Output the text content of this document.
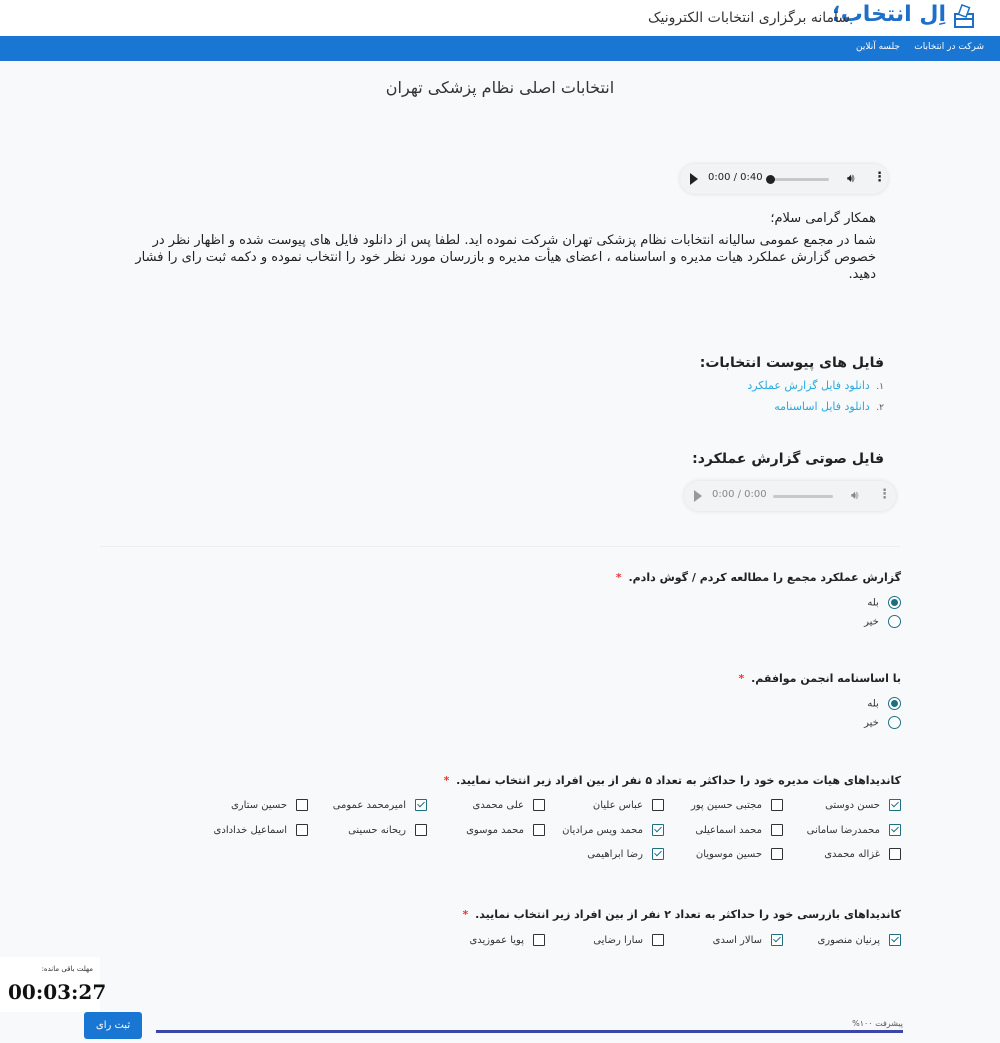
اِل انتخاب؛
سامانه برگزاری انتخابات الکترونیک
شرکت در انتخابات
جلسه آنلاین
انتخابات اصلی نظام پزشکی تهران
0:00 / 0:40	🔊︎ ⋮
همکار گرامی سلام؛

شما در مجمع عمومی سالیانه انتخابات نظام پزشکی تهران شرکت نموده اید. لطفا پس از دانلود فایل های پیوست شده و اظهار نظر در خصوص گزارش عملکرد هیات مدیره و اساسنامه ، اعضای هیأت مدیره و بازرسان مورد نظر خود را انتخاب نموده و دکمه ثبت رای را فشار دهید.

فایل های پیوست انتخابات:
۱. دانلود فایل گزارش عملکرد
۲. دانلود فایل اساسنامه
فایل صوتی گزارش عملکرد:
0:00 / 0:00	🔊︎ ⋮
گزارش عملکرد مجمع را مطالعه کردم / گوش دادم. *
بله
خیر
با اساسنامه انجمن موافقم. *
بله
خیر
کاندیداهای هیات مدیره خود را حداکثر به تعداد ۵ نفر از بین افراد زیر انتخاب نمایید. *
حسن دوستی
مجتبی حسین پور
عباس علیان
علی محمدی
امیرمحمد عمومی
حسین ستاری
محمدرضا سامانی
محمد اسماعیلی
محمد ویس مرادیان
محمد موسوی
ریحانه حسینی
اسماعیل خدادادی
غزاله محمدی
حسین موسویان
رضا ابراهیمی
کاندیداهای بازرسی خود را حداکثر به تعداد ۲ نفر از بین افراد زیر انتخاب نمایید. *
پرنیان منصوری
سالار اسدی
سارا رضایی
پویا عموزیدی
مهلت باقی مانده:
00:03:27
ثبت رای	پیشرفت ۱۰۰%
